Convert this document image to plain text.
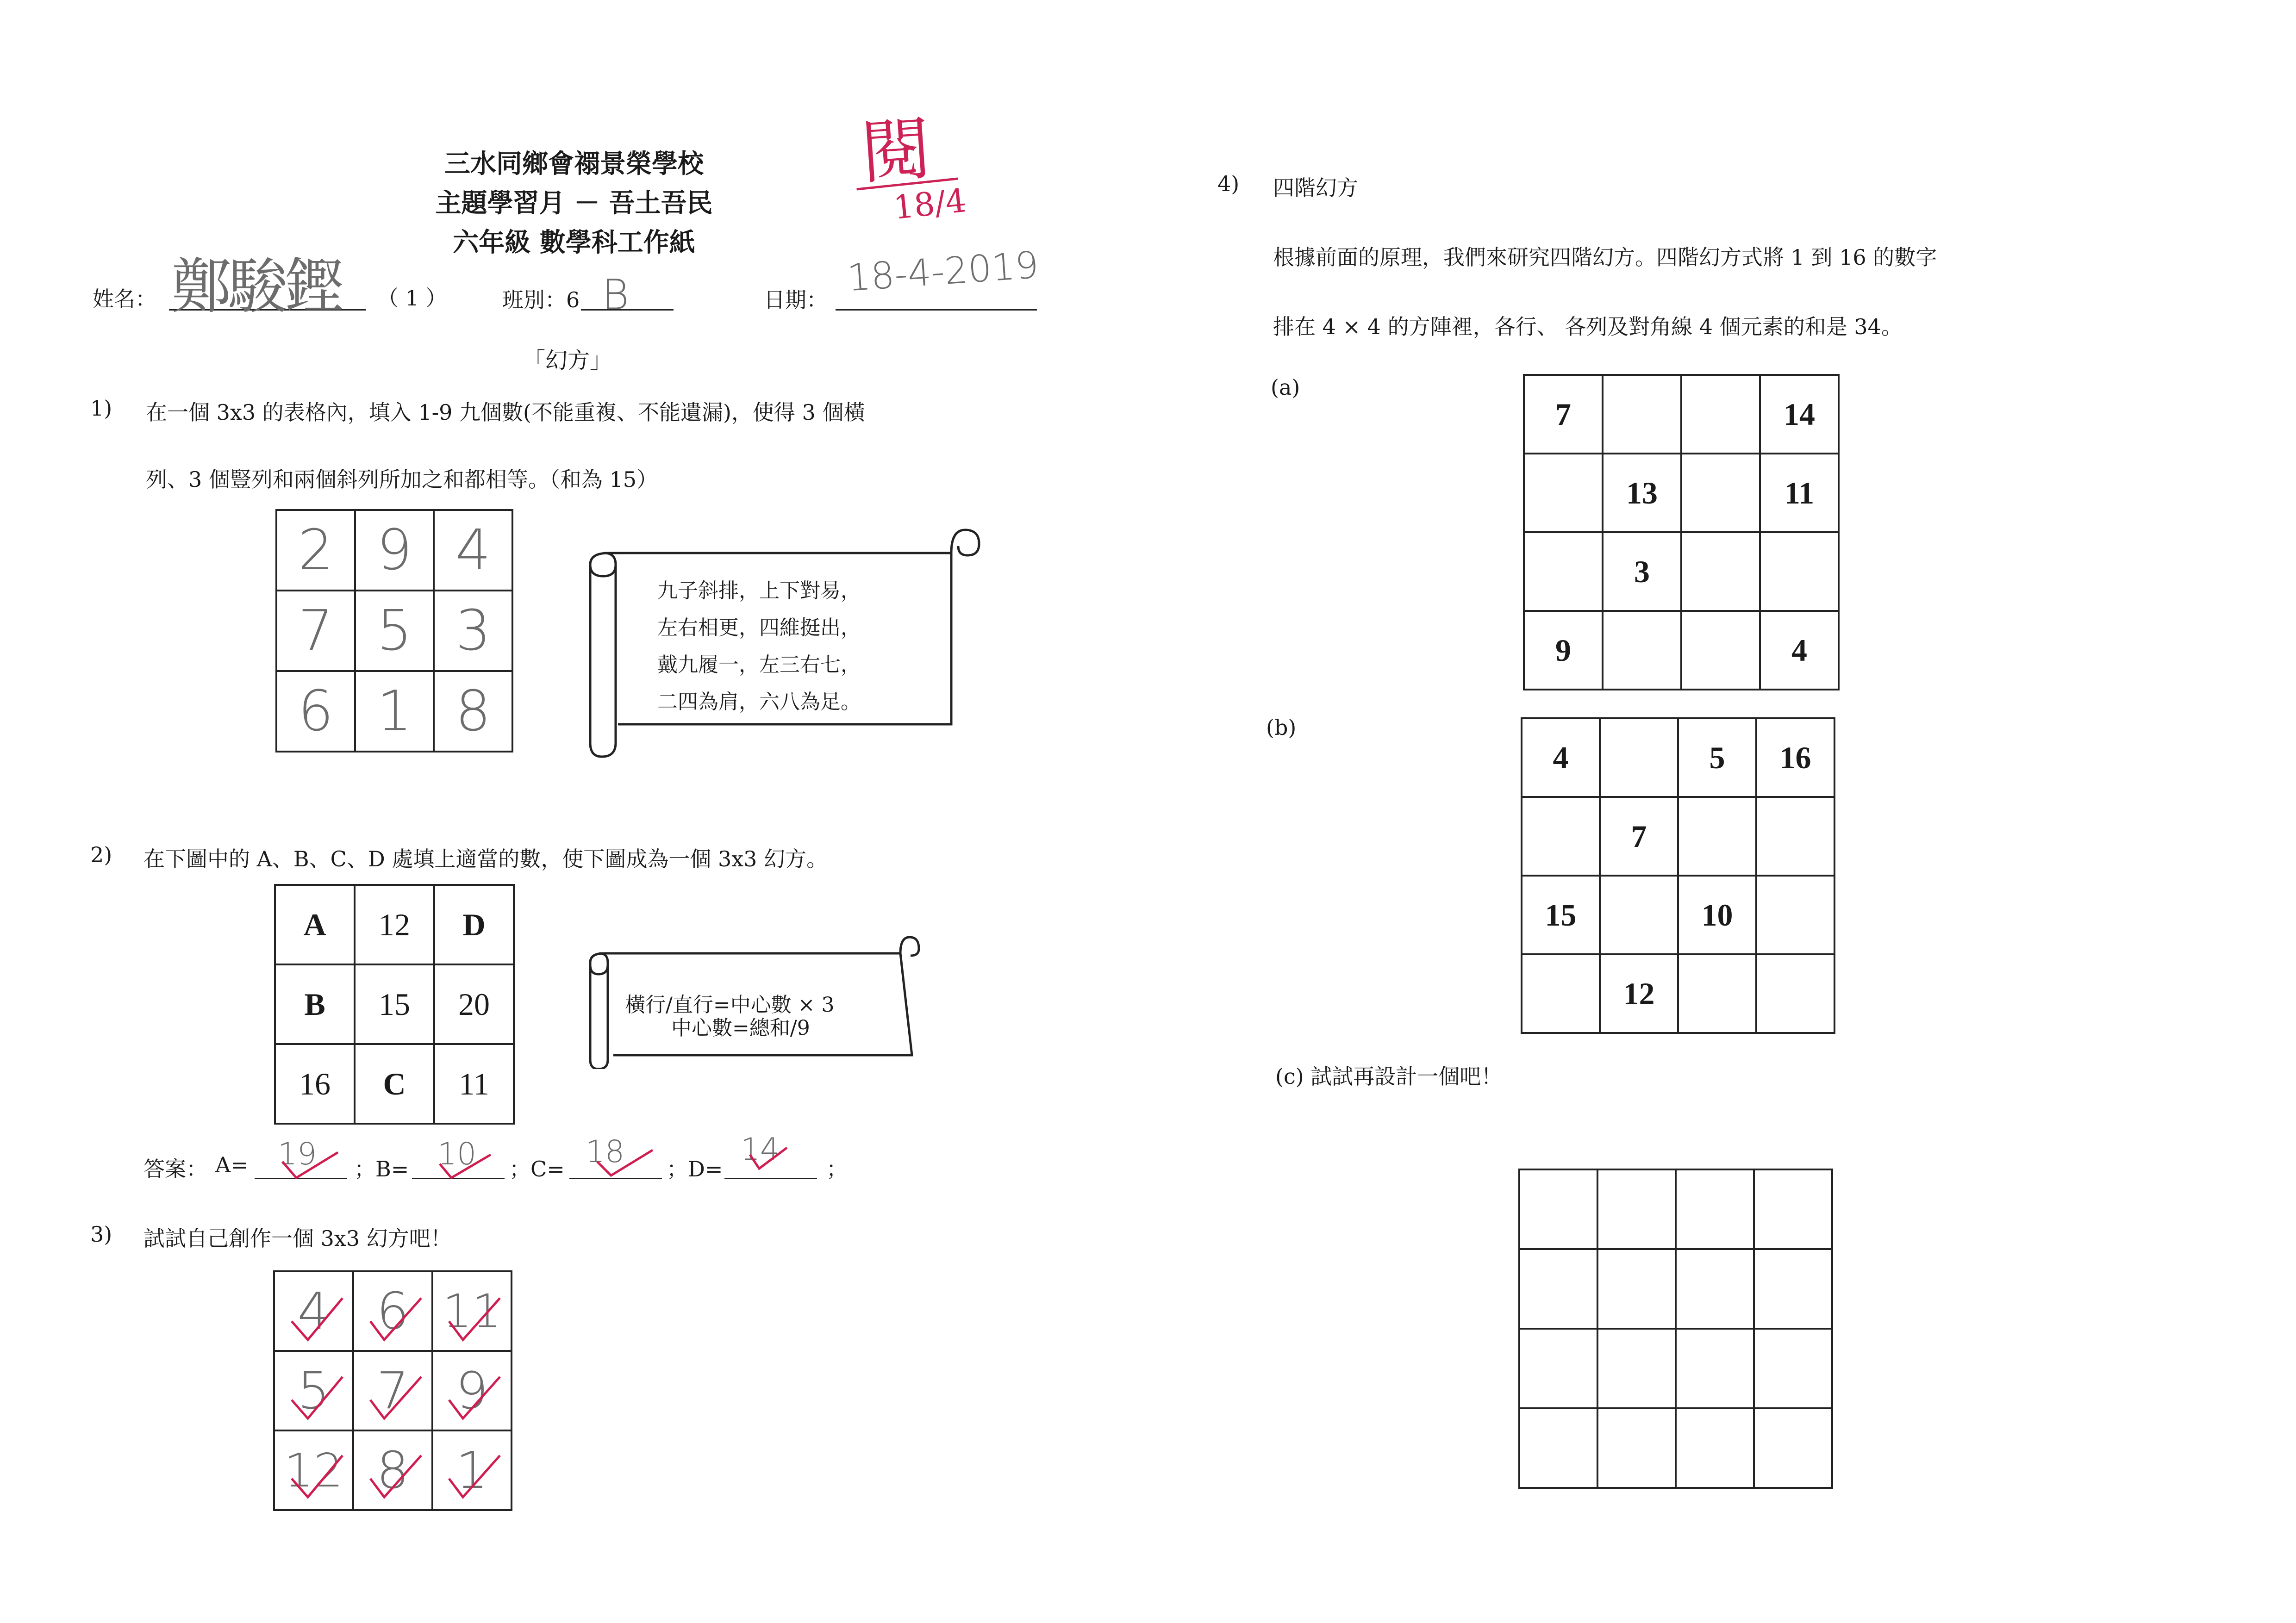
三水同鄉會禤景榮學校
主題學習月 － 吾土吾民
六年級 數學科工作紙
閱
18/4
姓名： 鄭駿鏗 （ 1 ）	班別：6 B	日期：
18-4-2019
「幻方」
1) 在一個 3x3 的表格內，填入 1-9 九個數(不能重複、不能遺漏)，使得 3 個橫
列、3 個豎列和兩個斜列所加之和都相等。（和為 15）
2	9	4
7	5	3
6	1	8
九子斜排，上下對易，
左右相更，四維挺出，
戴九履一，左三右七，
二四為肩，六八為足。
2) 在下圖中的 A、B、C、D 處填上適當的數，使下圖成為一個 3x3 幻方。
A	12	D
B	15	20
16	C	11
橫行/直行=中心數 × 3
中心數=總和/9
答案： A= 19 ；B= 10 ；C= 18 ；D=
14
；
3) 試試自己創作一個 3x3 幻方吧！
4	6	11
5	7	9
12	8	1
4) 四階幻方
根據前面的原理，我們來研究四階幻方。四階幻方式將 1 到 16 的數字
排在 4 × 4 的方陣裡，各行、 各列及對角線 4 個元素的和是 34。
(a)
7			14
	13		11
	3		
9			4
(b)
4		5	16
	7		
15		10	
	12		
(c) 試試再設計一個吧！
